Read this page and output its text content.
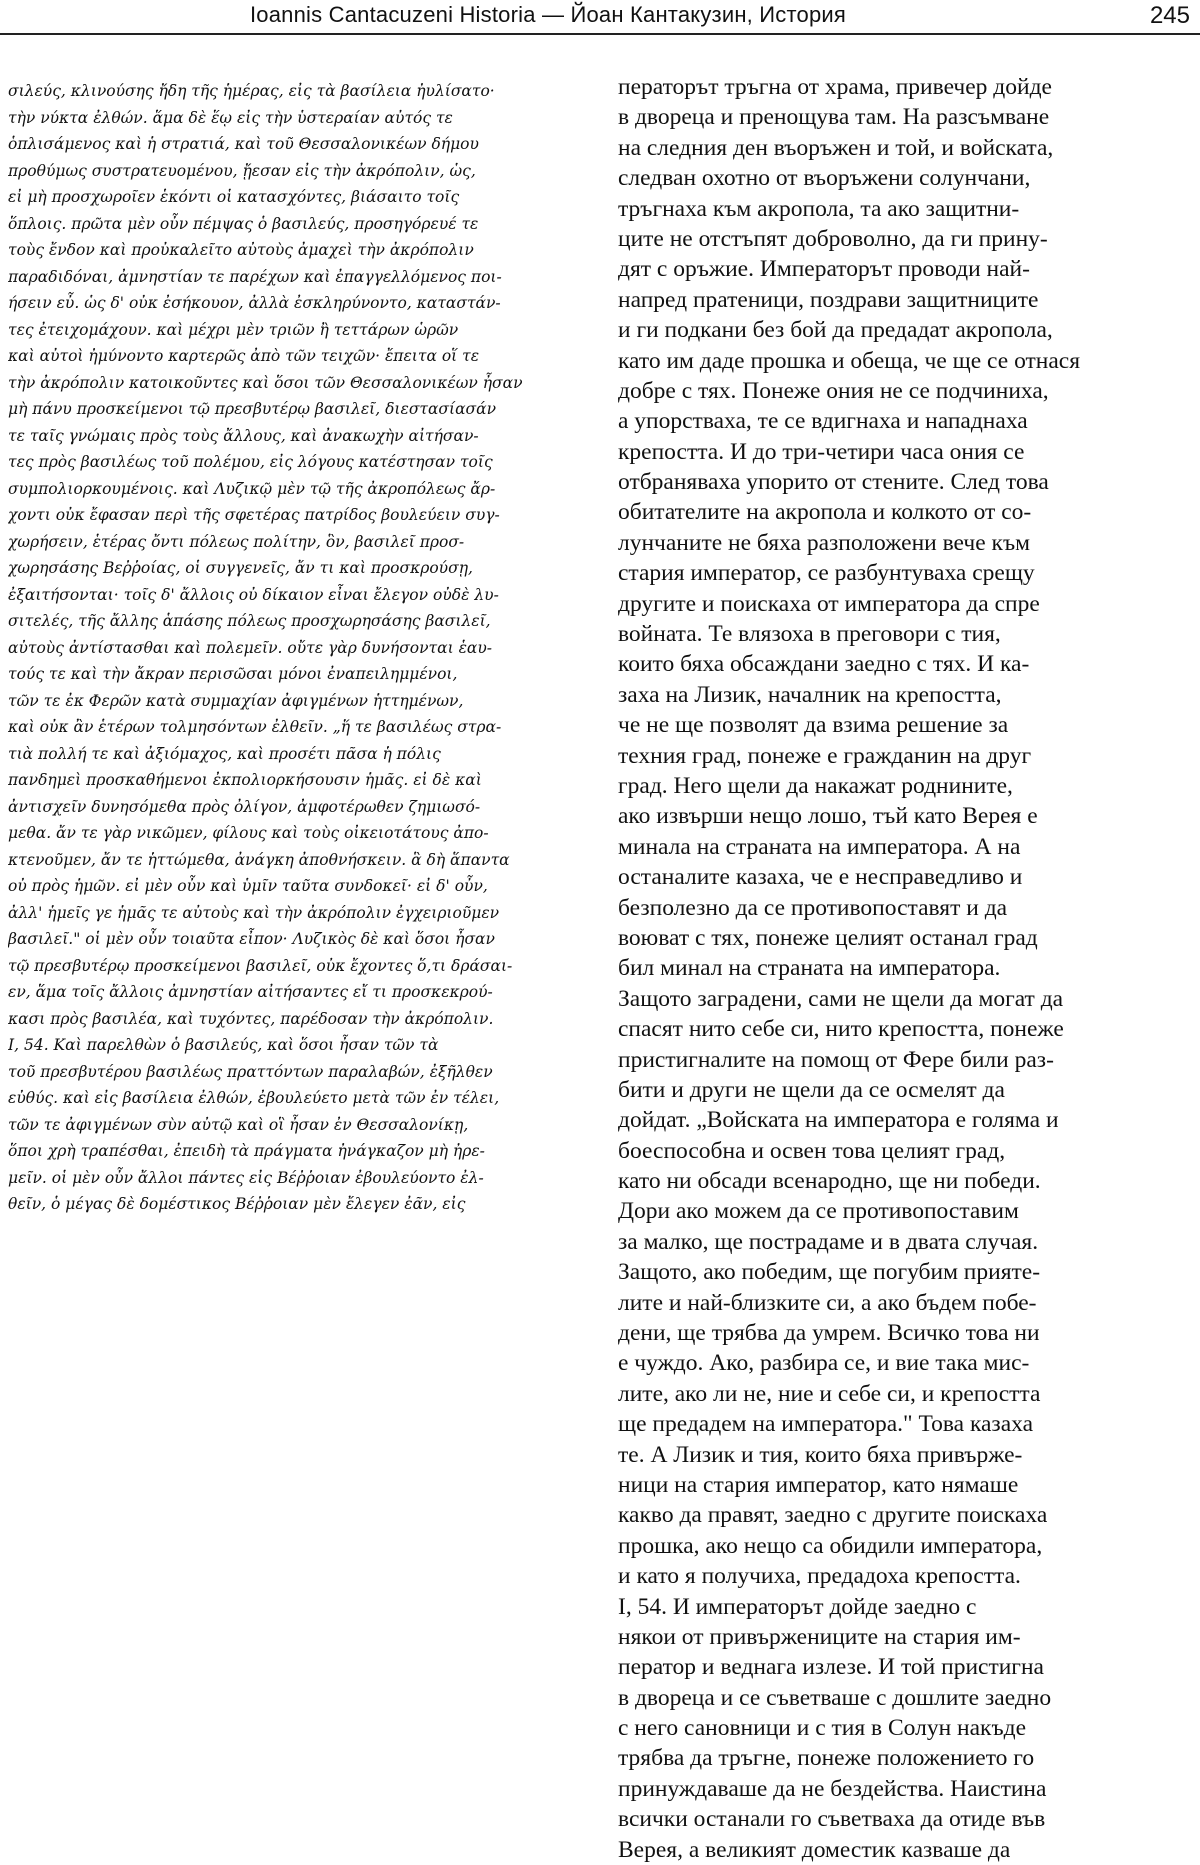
Ioannis Cantacuzeni Historia — Йоан Кантакузин, История	245
σιλεύς, κλινούσης ἤδη τῆς ἡμέρας, εἰς τὰ βασίλεια ἠυλίσατο·
τὴν νύκτα ἐλθών. ἅμα δὲ ἕῳ εἰς τὴν ὑστεραίαν αὐτός τε
ὁπλισάμενος καὶ ἡ στρατιά, καὶ τοῦ Θεσσαλονικέων δήμου
προθύμως συστρατευομένου, ᾔεσαν εἰς τὴν ἀκρόπολιν, ὡς,
εἰ μὴ προσχωροῖεν ἑκόντι οἱ κατασχόντες, βιάσαιτο τοῖς
ὅπλοις. πρῶτα μὲν οὖν πέμψας ὁ βασιλεύς, προσηγόρευέ τε
τοὺς ἔνδον καὶ προὐκαλεῖτο αὐτοὺς ἀμαχεὶ τὴν ἀκρόπολιν
παραδιδόναι, ἀμνηστίαν τε παρέχων καὶ ἐπαγγελλόμενος ποι-
ήσειν εὖ. ὡς δ' οὐκ ἐσήκουον, ἀλλὰ ἐσκληρύνοντο, καταστάν-
τες ἐτειχομάχουν. καὶ μέχρι μὲν τριῶν ἢ τεττάρων ὡρῶν
καὶ αὐτοὶ ἠμύνοντο καρτερῶς ἀπὸ τῶν τειχῶν· ἔπειτα οἵ τε
τὴν ἀκρόπολιν κατοικοῦντες καὶ ὅσοι τῶν Θεσσαλονικέων ἦσαν
μὴ πάνυ προσκείμενοι τῷ πρεσβυτέρῳ βασιλεῖ, διεστασίασάν
τε ταῖς γνώμαις πρὸς τοὺς ἄλλους, καὶ ἀνακωχὴν αἰτήσαν-
τες πρὸς βασιλέως τοῦ πολέμου, εἰς λόγους κατέστησαν τοῖς
συμπολιορκουμένοις. καὶ Λυζικῷ μὲν τῷ τῆς ἀκροπόλεως ἄρ-
χοντι οὐκ ἔφασαν περὶ τῆς σφετέρας πατρίδος βουλεύειν συγ-
χωρήσειν, ἑτέρας ὄντι πόλεως πολίτην, ὃν, βασιλεῖ προσ-
χωρησάσης Βεῤῥοίας, οἱ συγγενεῖς, ἄν τι καὶ προσκρούσῃ,
ἐξαιτήσονται· τοῖς δ' ἄλλοις οὐ δίκαιον εἶναι ἔλεγον οὐδὲ λυ-
σιτελές, τῆς ἄλλης ἁπάσης πόλεως προσχωρησάσης βασιλεῖ,
αὐτοὺς ἀντίστασθαι καὶ πολεμεῖν. οὔτε γὰρ δυνήσονται ἑαυ-
τούς τε καὶ τὴν ἄκραν περισῶσαι μόνοι ἐναπειλημμένοι,
τῶν τε ἐκ Φερῶν κατὰ συμμαχίαν ἀφιγμένων ἡττημένων,
καὶ οὐκ ἂν ἑτέρων τολμησόντων ἐλθεῖν. „ἥ τε βασιλέως στρα-
τιὰ πολλή τε καὶ ἀξιόμαχος, καὶ προσέτι πᾶσα ἡ πόλις
πανδημεὶ προσκαθήμενοι ἐκπολιορκήσουσιν ἡμᾶς. εἰ δὲ καὶ
ἀντισχεῖν δυνησόμεθα πρὸς ὀλίγον, ἀμφοτέρωθεν ζημιωσό-
μεθα. ἄν τε γὰρ νικῶμεν, φίλους καὶ τοὺς οἰκειοτάτους ἀπο-
κτενοῦμεν, ἄν τε ἡττώμεθα, ἀνάγκη ἀποθνήσκειν. ἃ δὴ ἅπαντα
οὐ πρὸς ἡμῶν. εἰ μὲν οὖν καὶ ὑμῖν ταῦτα συνδοκεῖ· εἰ δ' οὖν,
ἀλλ' ἡμεῖς γε ἡμᾶς τε αὐτοὺς καὶ τὴν ἀκρόπολιν ἐγχειριοῦμεν
βασιλεῖ." οἱ μὲν οὖν τοιαῦτα εἶπον· Λυζικὸς δὲ καὶ ὅσοι ἦσαν
τῷ πρεσβυτέρῳ προσκείμενοι βασιλεῖ, οὐκ ἔχοντες ὅ,τι δράσαι-
εν, ἅμα τοῖς ἄλλοις ἀμνηστίαν αἰτήσαντες εἴ τι προσκεκρού-
κασι πρὸς βασιλέα, καὶ τυχόντες, παρέδοσαν τὴν ἀκρόπολιν.
I, 54. Καὶ παρελθὼν ὁ βασιλεύς, καὶ ὅσοι ἦσαν τῶν τὰ
τοῦ πρεσβυτέρου βασιλέως πραττόντων παραλαβών, ἐξῆλθεν
εὐθύς. καὶ εἰς βασίλεια ἐλθών, ἐβουλεύετο μετὰ τῶν ἐν τέλει,
τῶν τε ἀφιγμένων σὺν αὐτῷ καὶ οἳ ἦσαν ἐν Θεσσαλονίκῃ,
ὅποι χρὴ τραπέσθαι, ἐπειδὴ τὰ πράγματα ἠνάγκαζον μὴ ἠρε-
μεῖν. οἱ μὲν οὖν ἄλλοι πάντες εἰς Βέῤῥοιαν ἐβουλεύοντο ἐλ-
θεῖν, ὁ μέγας δὲ δομέστικος Βέῤῥοιαν μὲν ἔλεγεν ἐᾶν, εἰς
ператорът тръгна от храма, привечер дойде
в двореца и пренощува там. На разсъмване
на следния ден въоръжен и той, и войската,
следван охотно от въоръжени солунчани,
тръгнаха към акропола, та ако защитни-
ците не отстъпят доброволно, да ги прину-
дят с оръжие. Императорът проводи най-
напред пратеници, поздрави защитниците
и ги подкани без бой да предадат акропола,
като им даде прошка и обеща, че ще се отнася
добре с тях. Понеже ония не се подчиниха,
а упорстваха, те се вдигнаха и нападнаха
крепостта. И до три-четири часа ония се
отбраняваха упорито от стените. След това
обитателите на акропола и колкото от со-
лунчаните не бяха разположени вече към
стария император, се разбунтуваха срещу
другите и поискаха от императора да спре
войната. Те влязоха в преговори с тия,
които бяха обсаждани заедно с тях. И ка-
заха на Лизик, началник на крепостта,
че не ще позволят да взима решение за
техния град, понеже е гражданин на друг
град. Него щели да накажат роднините,
ако извърши нещо лошо, тъй като Верея е
минала на страната на императора. А на
останалите казаха, че е несправедливо и
безполезно да се противопоставят и да
воюват с тях, понеже целият останал град
бил минал на страната на императора.
Защото заградени, сами не щели да могат да
спасят нито себе си, нито крепостта, понеже
пристигналите на помощ от Фере били раз-
бити и други не щели да се осмелят да
дойдат. „Войската на императора е голяма и
боеспособна и освен това целият град,
като ни обсади всенародно, ще ни победи.
Дори ако можем да се противопоставим
за малко, ще пострадаме и в двата случая.
Защото, ако победим, ще погубим прияте-
лите и най-близките си, а ако бъдем побе-
дени, ще трябва да умрем. Всичко това ни
е чуждо. Ако, разбира се, и вие така мис-
лите, ако ли не, ние и себе си, и крепостта
ще предадем на императора." Това казаха
те. А Лизик и тия, които бяха привърже-
ници на стария император, като нямаше
какво да правят, заедно с другите поискаха
прошка, ако нещо са обидили императора,
и като я получиха, предадоха крепостта.
I, 54. И императорът дойде заедно с
някои от привържениците на стария им-
ператор и веднага излезе. И той пристигна
в двореца и се съветваше с дошлите заедно
с него сановници и с тия в Солун накъде
трябва да тръгне, понеже положението го
принуждаваше да не бездейства. Наистина
всички останали го съветваха да отиде във
Верея, а великият доместик казваше да
